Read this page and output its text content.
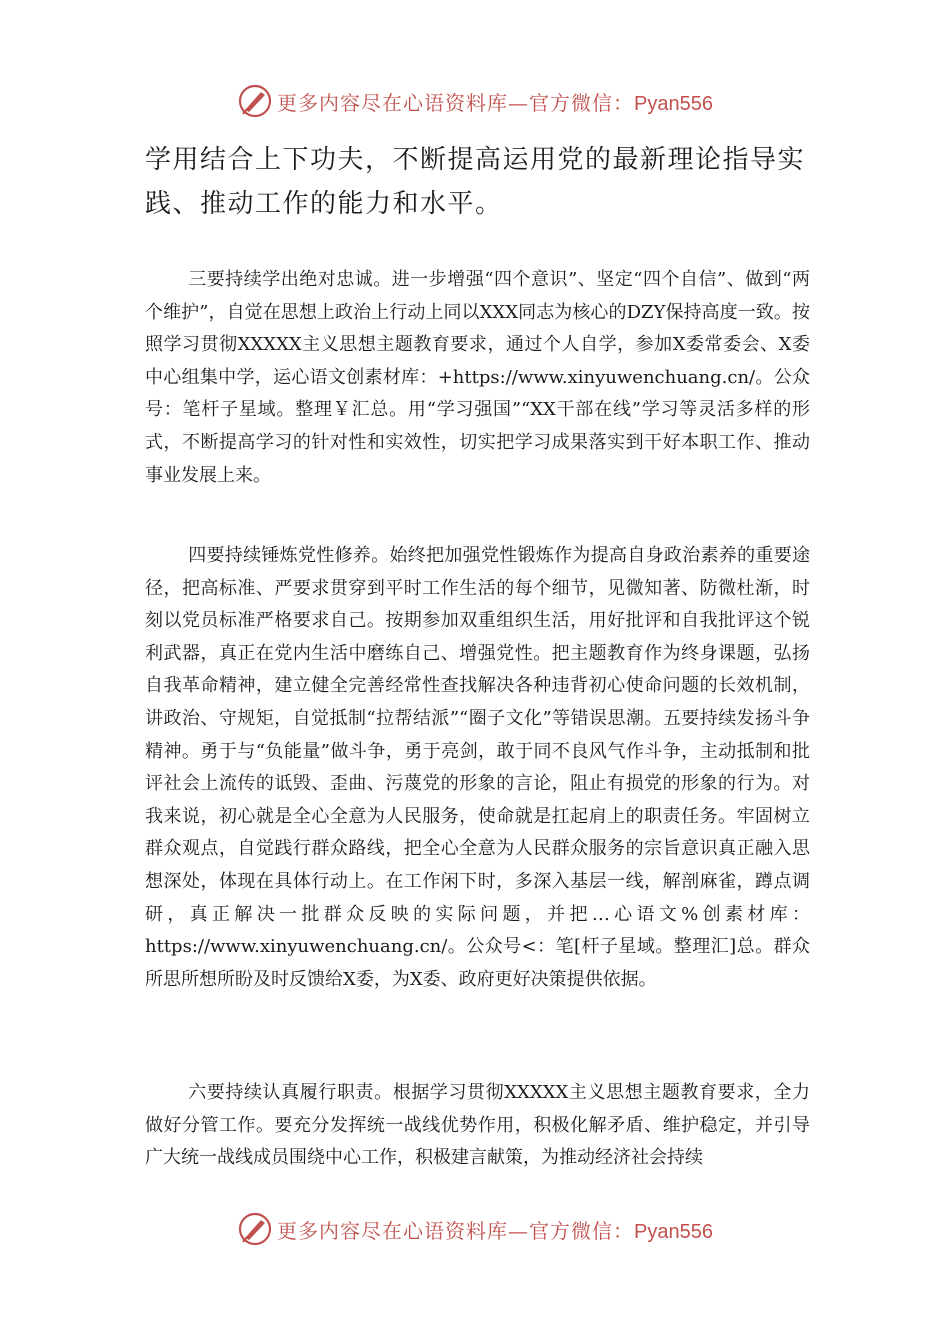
更多内容尽在心语资料库—官方微信：Pyan556

学用结合上下功夫，不断提高运用党的最新理论指导实践、推动工作的能力和水平。

三要持续学出绝对忠诚。进一步增强“四个意识”、坚定“四个自信”、做到“两个维护”，自觉在思想上政治上行动上同以XXX同志为核心的DZY保持高度一致。按照学习贯彻XXXXX主义思想主题教育要求，通过个人自学，参加X委常委会、X委中心组集中学，运心语文创素材库：+https://www.xinyuwenchuang.cn/。公众号：笔杆子星域。整理￥汇总。用“学习强国”“XX干部在线”学习等灵活多样的形式，不断提高学习的针对性和实效性，切实把学习成果落实到干好本职工作、推动事业发展上来。

四要持续锤炼党性修养。始终把加强党性锻炼作为提高自身政治素养的重要途径，把高标准、严要求贯穿到平时工作生活的每个细节，见微知著、防微杜渐，时刻以党员标准严格要求自己。按期参加双重组织生活，用好批评和自我批评这个锐利武器，真正在党内生活中磨练自己、增强党性。把主题教育作为终身课题，弘扬自我革命精神，建立健全完善经常性查找解决各种违背初心使命问题的长效机制，讲政治、守规矩，自觉抵制“拉帮结派”“圈子文化”等错误思潮。五要持续发扬斗争精神。勇于与“负能量”做斗争，勇于亮剑，敢于同不良风气作斗争，主动抵制和批评社会上流传的诋毁、歪曲、污蔑党的形象的言论，阻止有损党的形象的行为。对我来说，初心就是全心全意为人民服务，使命就是扛起肩上的职责任务。牢固树立群众观点，自觉践行群众路线，把全心全意为人民群众服务的宗旨意识真正融入思想深处，体现在具体行动上。在工作闲下时，多深入基层一线，解剖麻雀，蹲点调研，真正解决一批群众反映的实际问题，并把…心语文%创素材库：https://www.xinyuwenchuang.cn/。公众号<：笔[杆子星域。整理汇]总。群众所思所想所盼及时反馈给X委，为X委、政府更好决策提供依据。

六要持续认真履行职责。根据学习贯彻XXXXX主义思想主题教育要求，全力做好分管工作。要充分发挥统一战线优势作用，积极化解矛盾、维护稳定，并引导广大统一战线成员围绕中心工作，积极建言献策，为推动经济社会持续

更多内容尽在心语资料库—官方微信：Pyan556
